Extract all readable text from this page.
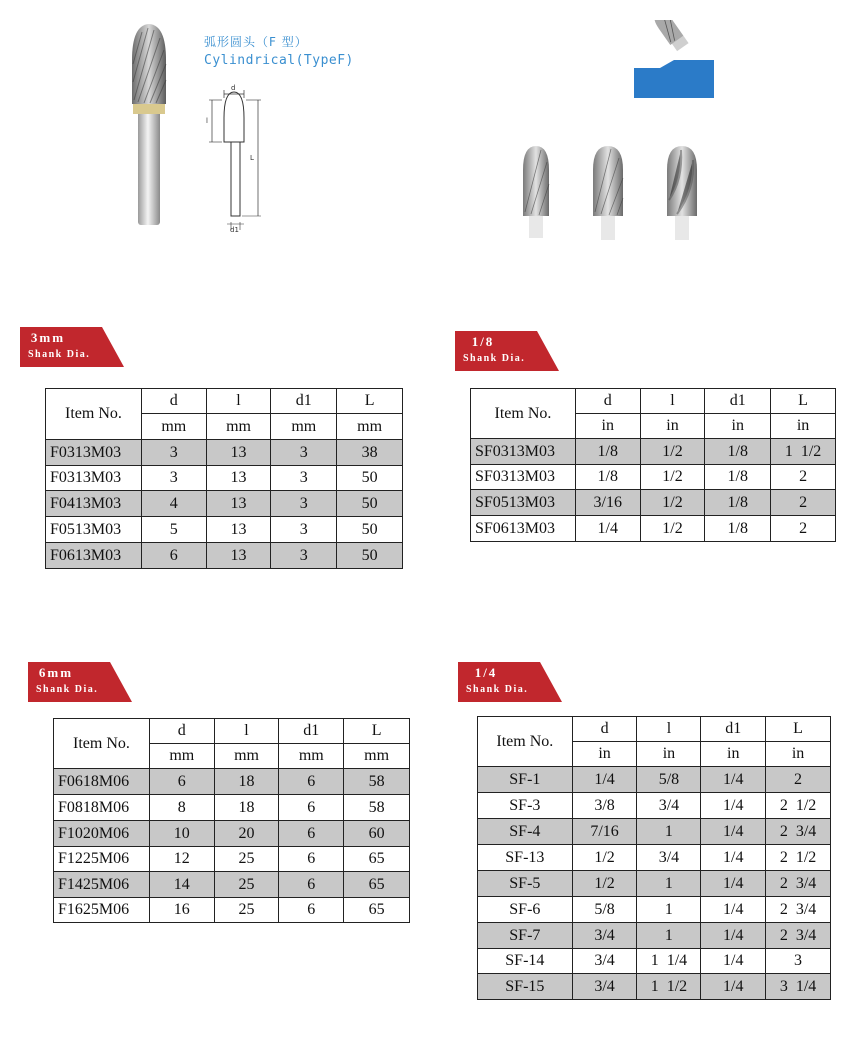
弧形圆头（F 型）
Cylindrical(TypeF)
d
l
L
d1
3mm
Shank Dia.
Item No.	d	l	d1	L
	mm	mm	mm	mm
F0313M03	3	13	3	38
F0313M03	3	13	3	50
F0413M03	4	13	3	50
F0513M03	5	13	3	50
F0613M03	6	13	3	50
1/8
Shank Dia.
Item No.	d	l	d1	L
	in	in	in	in
SF0313M03	1/8	1/2	1/8	1  1/2
SF0313M03	1/8	1/2	1/8	2
SF0513M03	3/16	1/2	1/8	2
SF0613M03	1/4	1/2	1/8	2
6mm
Shank Dia.
Item No.	d	l	d1	L
	mm	mm	mm	mm
F0618M06	6	18	6	58
F0818M06	8	18	6	58
F1020M06	10	20	6	60
F1225M06	12	25	6	65
F1425M06	14	25	6	65
F1625M06	16	25	6	65
1/4
Shank Dia.
Item No.	d	l	d1	L
	in	in	in	in
SF-1	1/4	5/8	1/4	2
SF-3	3/8	3/4	1/4	2  1/2
SF-4	7/16	1	1/4	2  3/4
SF-13	1/2	3/4	1/4	2  1/2
SF-5	1/2	1	1/4	2  3/4
SF-6	5/8	1	1/4	2  3/4
SF-7	3/4	1	1/4	2  3/4
SF-14	3/4	1  1/4	1/4	3
SF-15	3/4	1  1/2	1/4	3  1/4
